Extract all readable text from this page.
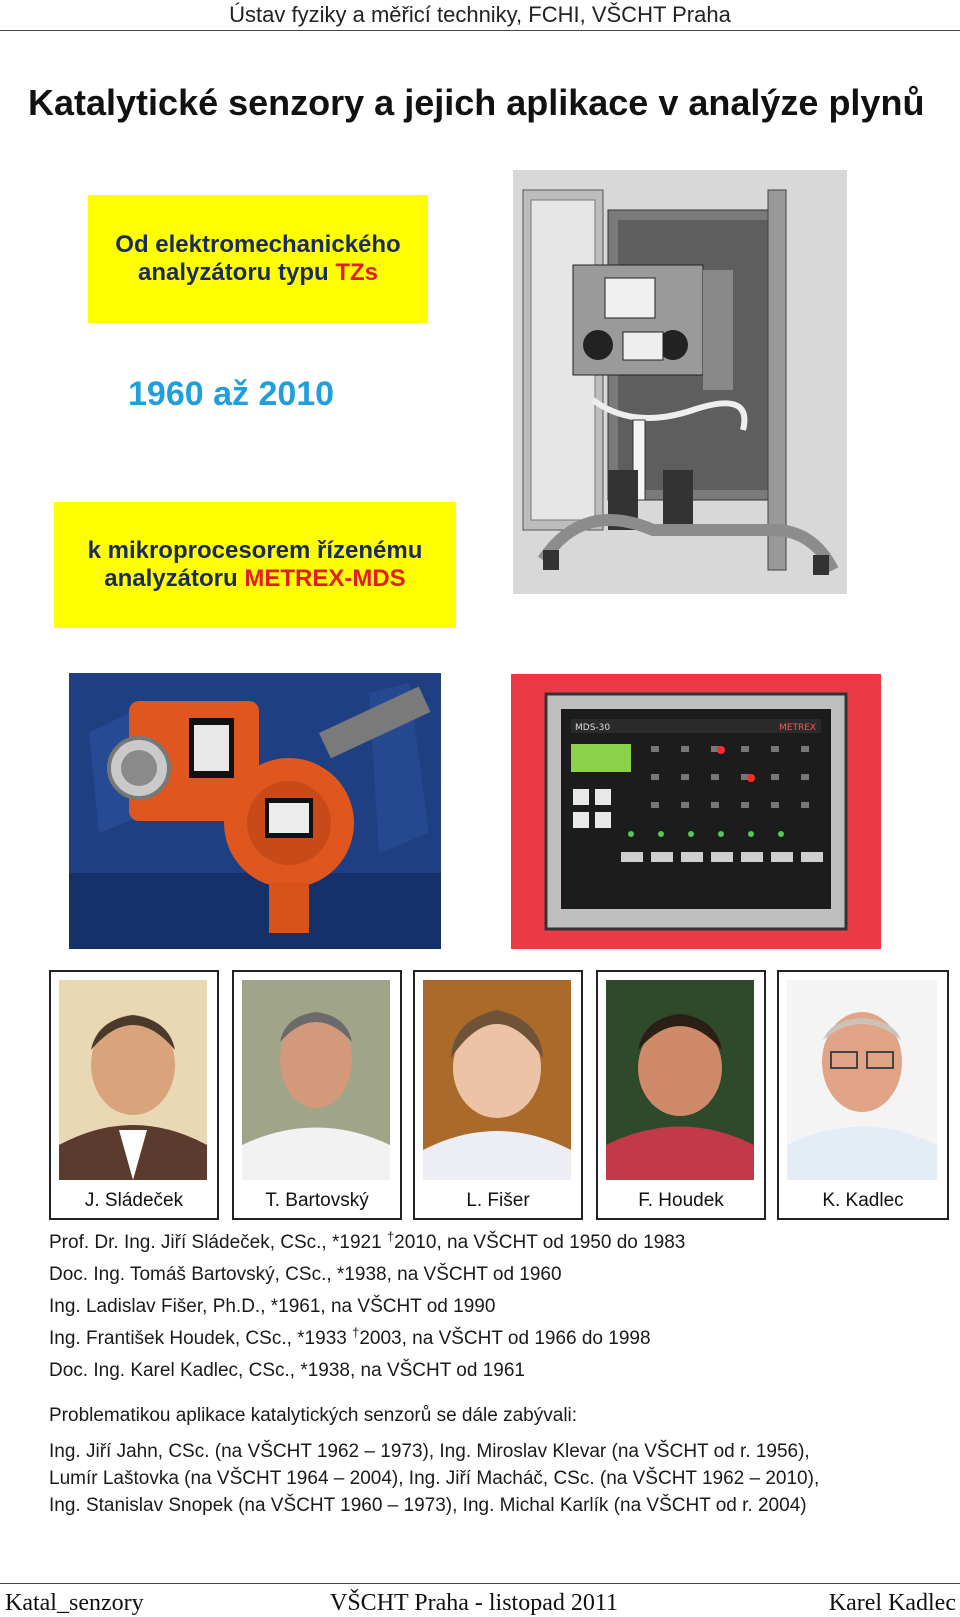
Ústav fyziky a měřicí techniky, FCHI, VŠCHT Praha
Katalytické senzory a jejich aplikace v analýze plynů
Od elektromechanického
analyzátoru typu TZs
1960 až 2010
k mikroprocesorem řízenému
analyzátoru METREX-MDS
MDS-30	METREX
J. Sládeček	T. Bartovský	L. Fišer	F. Houdek	K. Kadlec
Prof. Dr. Ing. Jiří Sládeček, CSc., *1921 †2010, na VŠCHT od 1950 do 1983
Doc. Ing. Tomáš Bartovský, CSc., *1938, na VŠCHT od 1960
Ing. Ladislav Fišer, Ph.D., *1961, na VŠCHT od 1990
Ing. František Houdek, CSc., *1933 †2003, na VŠCHT od 1966 do 1998
Doc. Ing. Karel Kadlec, CSc., *1938, na VŠCHT od 1961
Problematikou aplikace katalytických senzorů se dále zabývali:
Ing. Jiří Jahn, CSc. (na VŠCHT 1962 – 1973), Ing. Miroslav Klevar (na VŠCHT od r. 1956),
Lumír Laštovka (na VŠCHT 1964 – 2004), Ing. Jiří Macháč, CSc. (na VŠCHT 1962 – 2010),
Ing. Stanislav Snopek (na VŠCHT 1960 – 1973), Ing. Michal Karlík (na VŠCHT od r. 2004)
Katal_senzory	VŠCHT Praha - listopad 2011	Karel Kadlec
